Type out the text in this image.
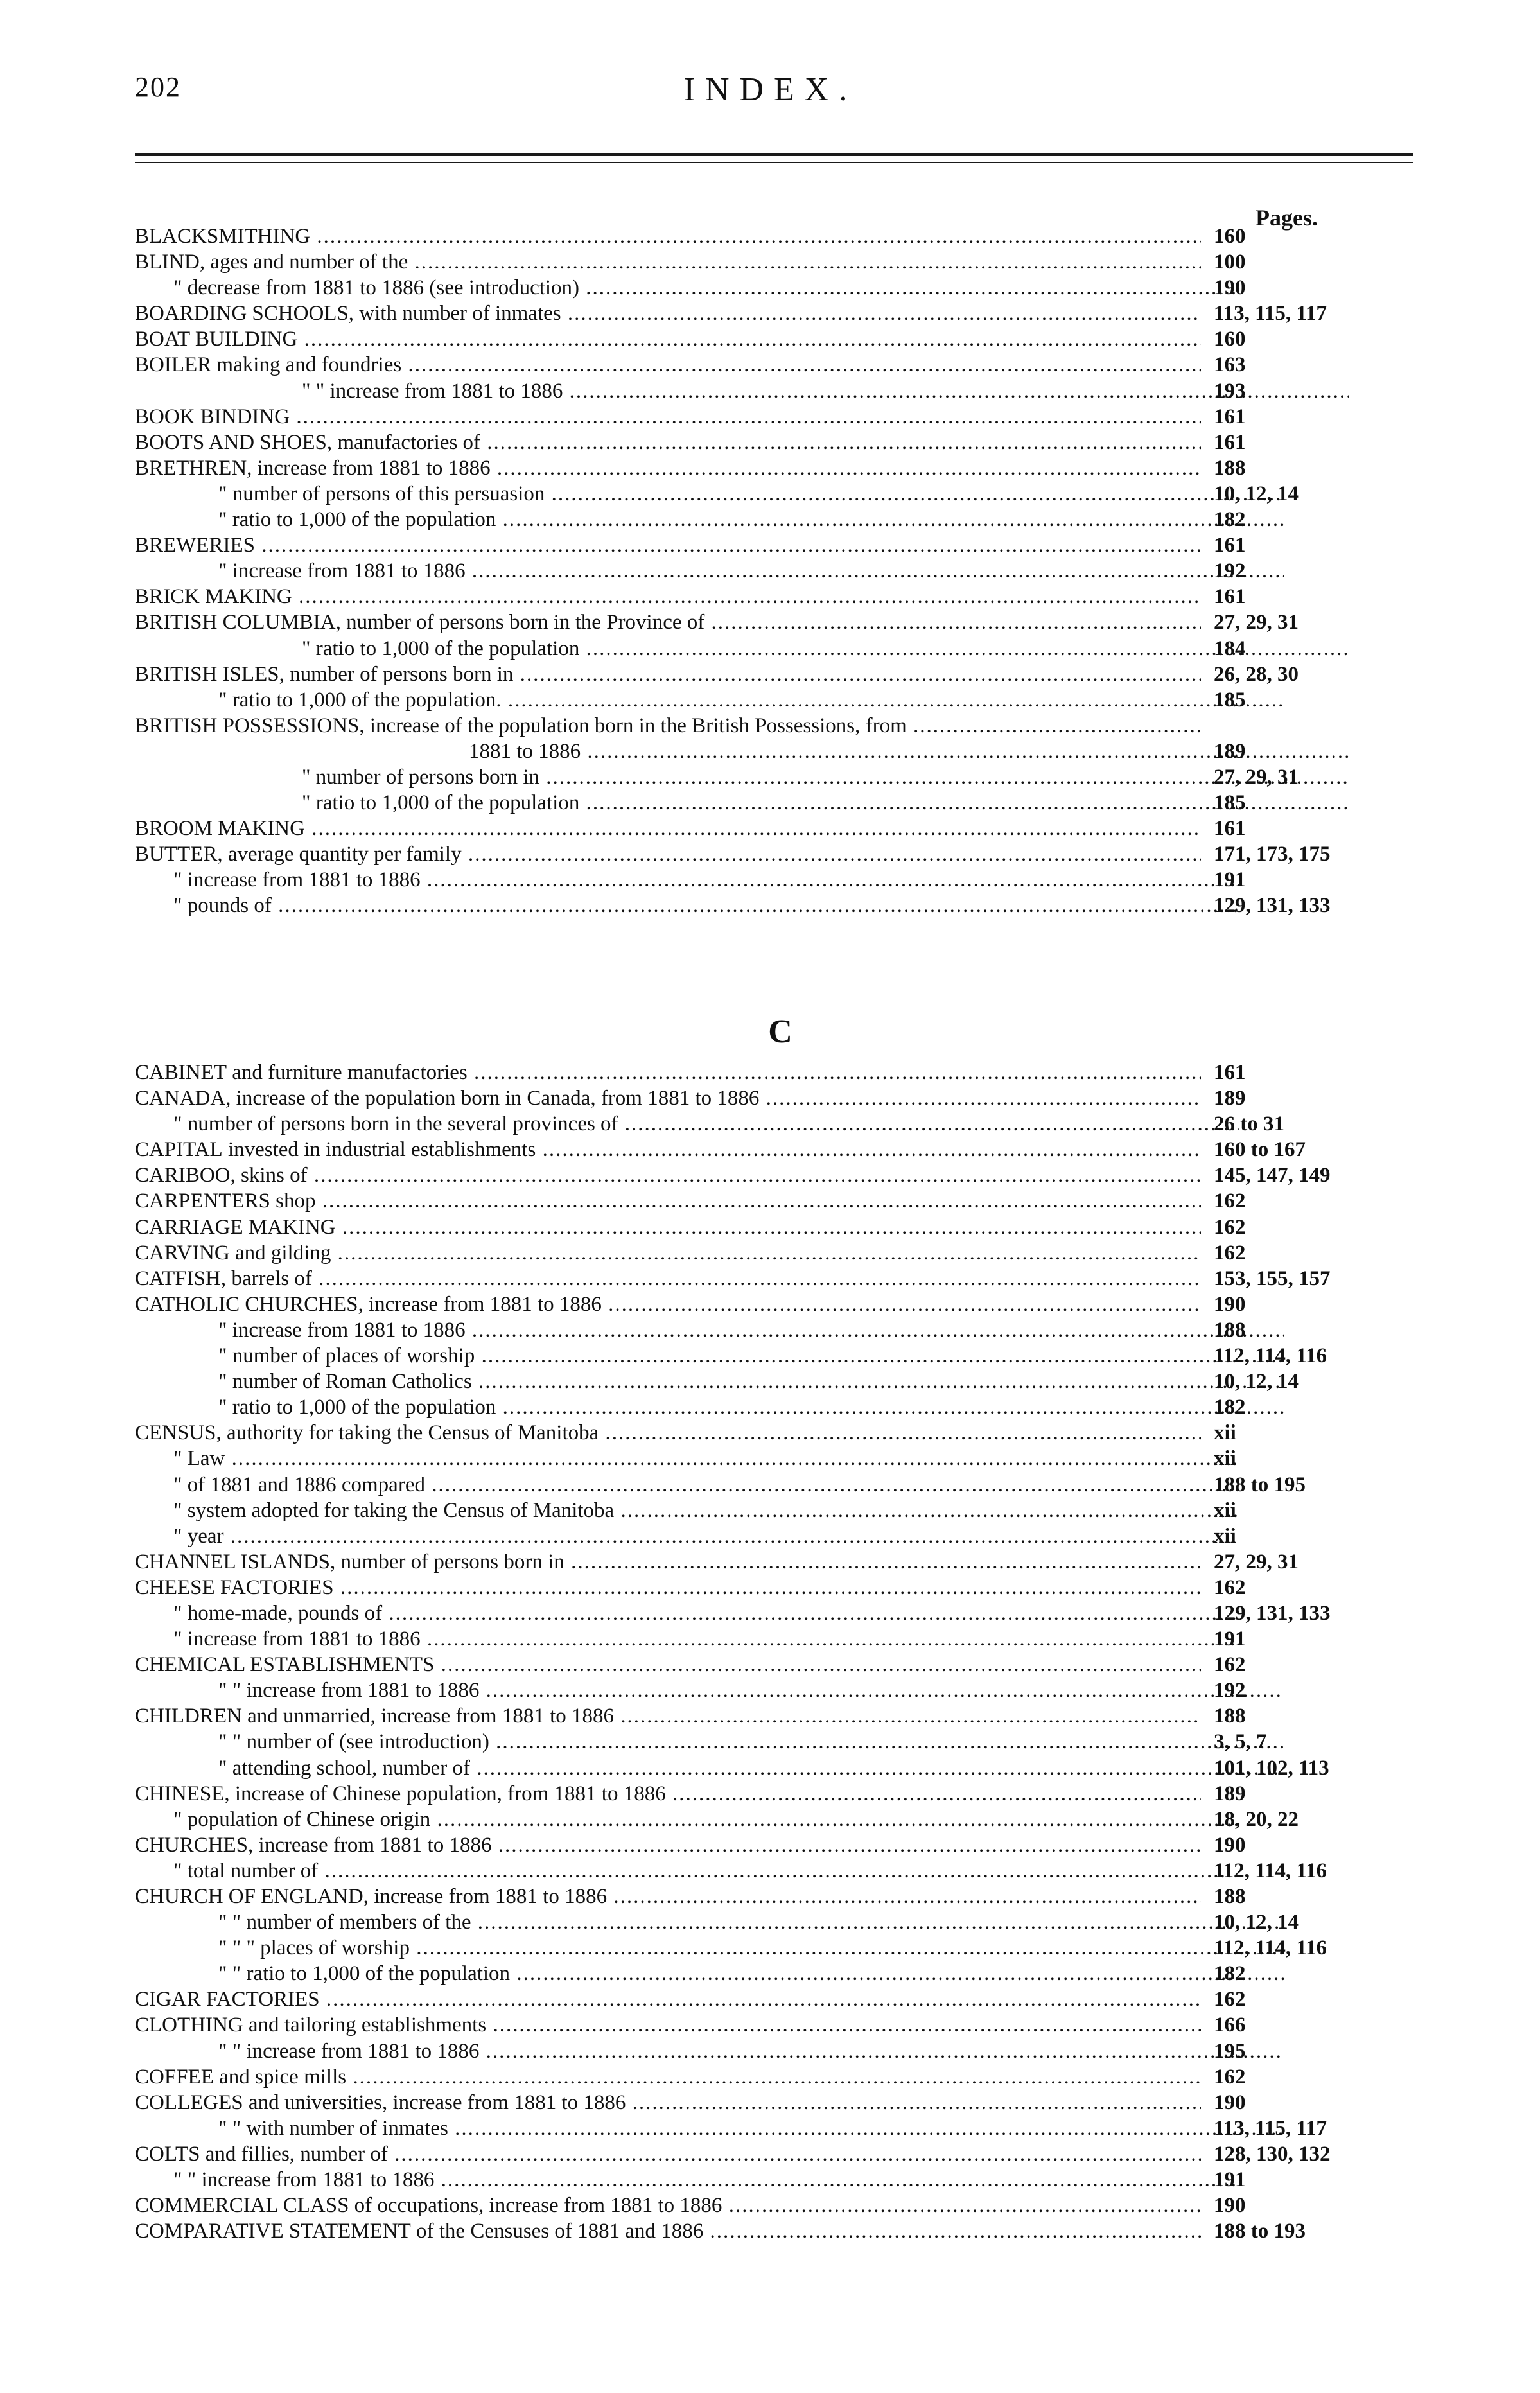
202	INDEX.
Pages.
BLACKSMITHING .....	160
BLIND, ages and number of the .....	100
" decrease from 1881 to 1886 (see introduction) .....	190
BOARDING SCHOOLS, with number of inmates .....	113, 115, 117
BOAT BUILDING .....	160
BOILER making and foundries .....	163
" " increase from 1881 to 1886 .....	193
BOOK BINDING .....	161
BOOTS AND SHOES, manufactories of .....	161
BRETHREN, increase from 1881 to 1886 .....	188
" number of persons of this persuasion .....	10, 12, 14
" ratio to 1,000 of the population .....	182
BREWERIES .....	161
" increase from 1881 to 1886 .....	192
BRICK MAKING .....	161
BRITISH COLUMBIA, number of persons born in the Province of .....	27, 29, 31
" ratio to 1,000 of the population .....	184
BRITISH ISLES, number of persons born in .....	26, 28, 30
" ratio to 1,000 of the population. .....	185
BRITISH POSSESSIONS, increase of the population born in the British Possessions, from .....
1881 to 1886 .....	189
" number of persons born in .....	27, 29, 31
" ratio to 1,000 of the population .....	185
BROOM MAKING .....	161
BUTTER, average quantity per family .....	171, 173, 175
" increase from 1881 to 1886 .....	191
" pounds of .....	129, 131, 133
C
CABINET and furniture manufactories .....	161
CANADA, increase of the population born in Canada, from 1881 to 1886 .....	189
" number of persons born in the several provinces of .....	26 to 31
CAPITAL invested in industrial establishments .....	160 to 167
CARIBOO, skins of .....	145, 147, 149
CARPENTERS shop .....	162
CARRIAGE MAKING .....	162
CARVING and gilding .....	162
CATFISH, barrels of .....	153, 155, 157
CATHOLIC CHURCHES, increase from 1881 to 1886 .....	190
" increase from 1881 to 1886 .....	188
" number of places of worship .....	112, 114, 116
" number of Roman Catholics .....	10, 12, 14
" ratio to 1,000 of the population .....	182
CENSUS, authority for taking the Census of Manitoba .....	xii
" Law .....	xii
" of 1881 and 1886 compared .....	188 to 195
" system adopted for taking the Census of Manitoba .....	xii
" year .....	xii
CHANNEL ISLANDS, number of persons born in .....	27, 29, 31
CHEESE FACTORIES .....	162
" home-made, pounds of .....	129, 131, 133
" increase from 1881 to 1886 .....	191
CHEMICAL ESTABLISHMENTS .....	162
" " increase from 1881 to 1886 .....	192
CHILDREN and unmarried, increase from 1881 to 1886 .....	188
" " number of (see introduction) .....	3, 5, 7
" attending school, number of .....	101, 102, 113
CHINESE, increase of Chinese population, from 1881 to 1886 .....	189
" population of Chinese origin .....	18, 20, 22
CHURCHES, increase from 1881 to 1886 .....	190
" total number of .....	112, 114, 116
CHURCH OF ENGLAND, increase from 1881 to 1886 .....	188
" " number of members of the .....	10, 12, 14
" " " places of worship .....	112, 114, 116
" " ratio to 1,000 of the population .....	182
CIGAR FACTORIES .....	162
CLOTHING and tailoring establishments .....	166
" " increase from 1881 to 1886 .....	195
COFFEE and spice mills .....	162
COLLEGES and universities, increase from 1881 to 1886 .....	190
" " with number of inmates .....	113, 115, 117
COLTS and fillies, number of .....	128, 130, 132
" " increase from 1881 to 1886 .....	191
COMMERCIAL CLASS of occupations, increase from 1881 to 1886 .....	190
COMPARATIVE STATEMENT of the Censuses of 1881 and 1886 .....	188 to 193
